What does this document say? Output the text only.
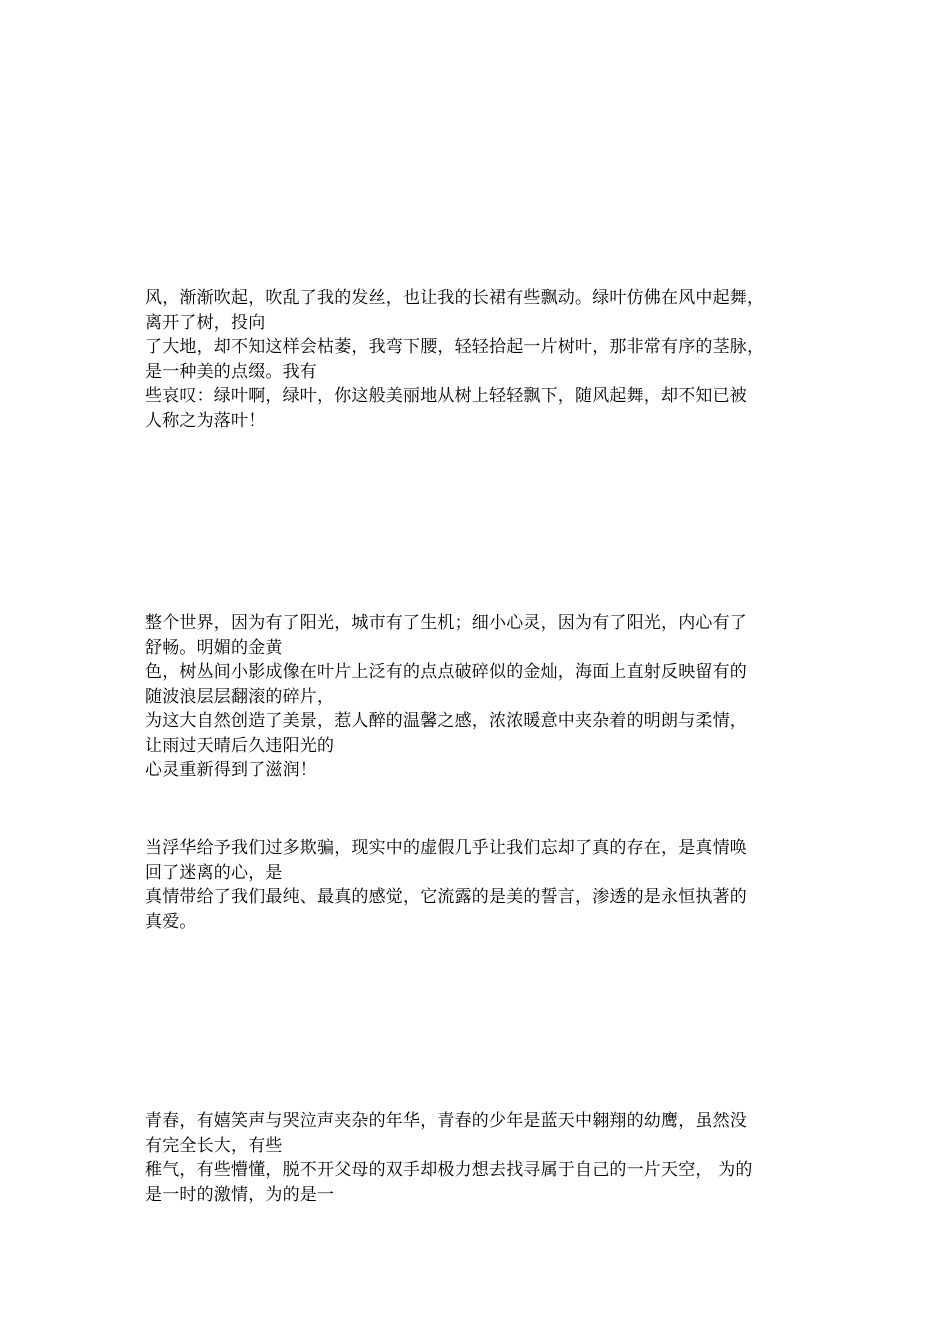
风，渐渐吹起，吹乱了我的发丝，也让我的长裙有些飘动。绿叶仿佛在风中起舞，
离开了树，投向
了大地，却不知这样会枯萎，我弯下腰，轻轻拾起一片树叶，那非常有序的茎脉，
是一种美的点缀。我有
些哀叹：绿叶啊，绿叶，你这般美丽地从树上轻轻飘下，随风起舞，却不知已被
人称之为落叶！
整个世界，因为有了阳光，城市有了生机；细小心灵，因为有了阳光，内心有了
舒畅。明媚的金黄
色，树丛间小影成像在叶片上泛有的点点破碎似的金灿，海面上直射反映留有的
随波浪层层翻滚的碎片，
为这大自然创造了美景，惹人醉的温馨之感，浓浓暖意中夹杂着的明朗与柔情，
让雨过天晴后久违阳光的
心灵重新得到了滋润！
当浮华给予我们过多欺骗，现实中的虚假几乎让我们忘却了真的存在，是真情唤
回了迷离的心，是
真情带给了我们最纯、最真的感觉，它流露的是美的誓言，渗透的是永恒执著的
真爱。
青春，有嬉笑声与哭泣声夹杂的年华，青春的少年是蓝天中翱翔的幼鹰，虽然没
有完全长大，有些
稚气，有些懵懂，脱不开父母的双手却极力想去找寻属于自己的一片天空， 为的
是一时的激情，为的是一
